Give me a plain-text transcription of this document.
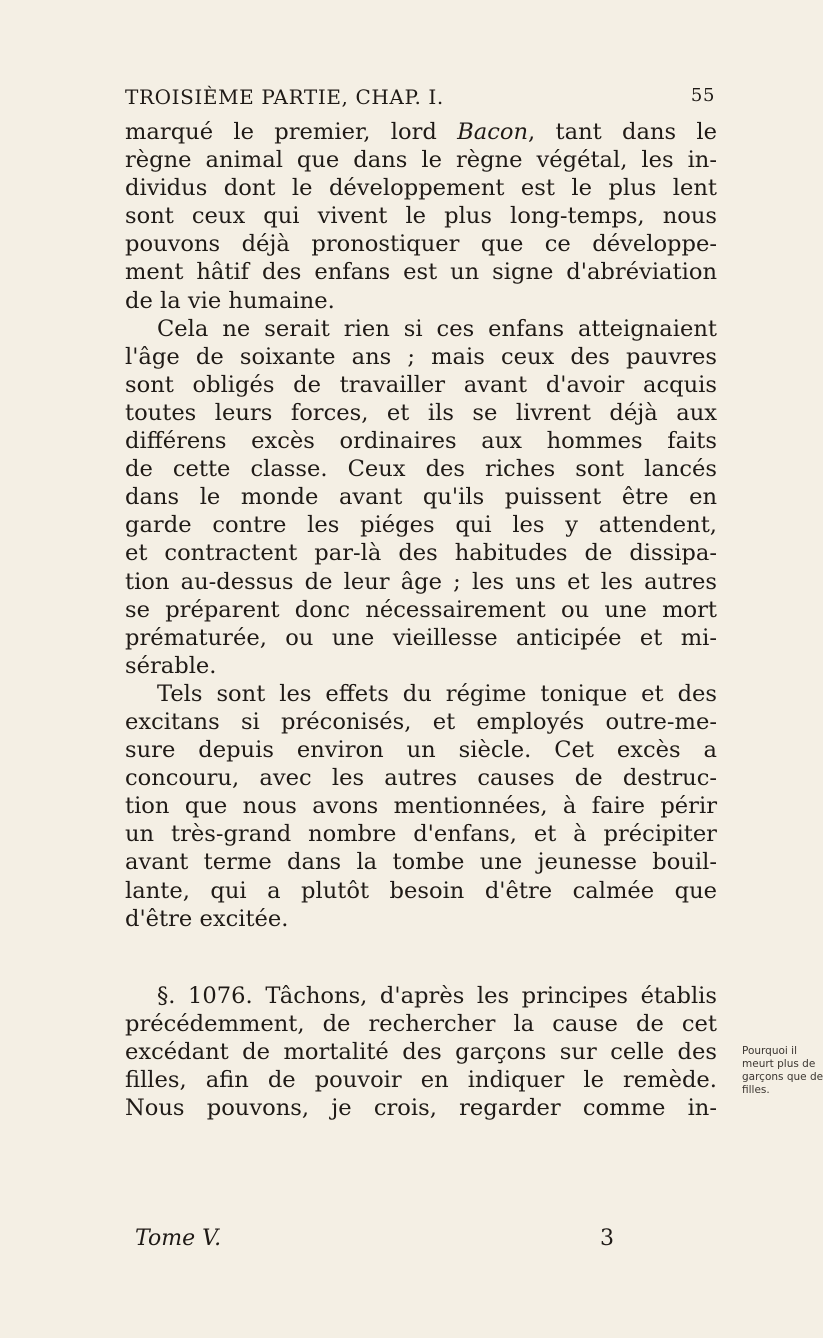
TROISIÈME PARTIE, CHAP. I.	55

marqué le premier, lord Bacon, tant dans le
règne animal que dans le règne végétal, les in-
dividus dont le développement est le plus lent
sont ceux qui vivent le plus long-temps, nous
pouvons déjà pronostiquer que ce développe-
ment hâtif des enfans est un signe d'abréviation
de la vie humaine.

Cela ne serait rien si ces enfans atteignaient
l'âge de soixante ans ; mais ceux des pauvres
sont obligés de travailler avant d'avoir acquis
toutes leurs forces, et ils se livrent déjà aux
différens excès ordinaires aux hommes faits
de cette classe. Ceux des riches sont lancés
dans le monde avant qu'ils puissent être en
garde contre les piéges qui les y attendent,
et contractent par-là des habitudes de dissipa-
tion au-dessus de leur âge ; les uns et les autres
se préparent donc nécessairement ou une mort
prématurée, ou une vieillesse anticipée et mi-
sérable.

Tels sont les effets du régime tonique et des
excitans si préconisés, et employés outre-me-
sure depuis environ un siècle. Cet excès a
concouru, avec les autres causes de destruc-
tion que nous avons mentionnées, à faire périr
un très-grand nombre d'enfans, et à précipiter
avant terme dans la tombe une jeunesse bouil-
lante, qui a plutôt besoin d'être calmée que
d'être excitée.

§. 1076. Tâchons, d'après les principes établis
précédemment, de rechercher la cause de cet
excédant de mortalité des garçons sur celle des
filles, afin de pouvoir en indiquer le remède.
Nous pouvons, je crois, regarder comme in-

Pourquoi il
meurt plus de
garçons que de
filles.
Tome V.	3
